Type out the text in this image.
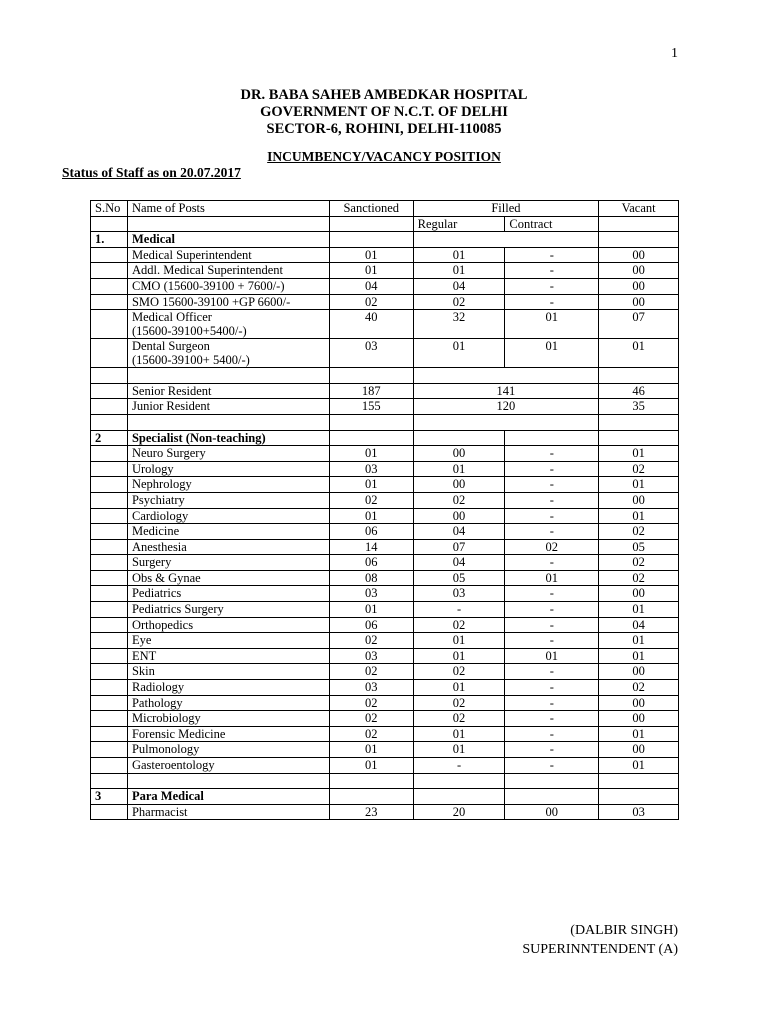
1
DR. BABA SAHEB AMBEDKAR HOSPITAL
GOVERNMENT OF N.C.T. OF DELHI
SECTOR-6, ROHINI, DELHI-110085
INCUMBENCY/VACANCY POSITION
Status of Staff as on 20.07.2017
S.No	Name of Posts	Sanctioned	Filled		Vacant
			Regular	Contract	
1.	Medical				
	Medical Superintendent	01	01	-	00
	Addl. Medical Superintendent	01	01	-	00
	CMO (15600-39100 + 7600/-)	04	04	-	00
	SMO 15600-39100 +GP 6600/-	02	02	-	00
	Medical Officer
(15600-39100+5400/-)	40	32	01	07
	Dental Surgeon
(15600-39100+ 5400/-)	03	01	01	01

	Senior Resident	187	141		46
	Junior Resident	155	120		35

2	Specialist (Non-teaching)				
	Neuro Surgery	01	00	-	01
	Urology	03	01	-	02
	Nephrology	01	00	-	01
	Psychiatry	02	02	-	00
	Cardiology	01	00	-	01
	Medicine	06	04	-	02
	Anesthesia	14	07	02	05
	Surgery	06	04	-	02
	Obs & Gynae	08	05	01	02
	Pediatrics	03	03	-	00
	Pediatrics Surgery	01	-	-	01
	Orthopedics	06	02	-	04
	Eye	02	01	-	01
	ENT	03	01	01	01
	Skin	02	02	-	00
	Radiology	03	01	-	02
	Pathology	02	02	-	00
	Microbiology	02	02	-	00
	Forensic Medicine	02	01	-	01
	Pulmonology	01	01	-	00
	Gasteroentology	01	-	-	01

3	Para Medical				
	Pharmacist	23	20	00	03
(DALBIR SINGH)
SUPERINNTENDENT (A)
